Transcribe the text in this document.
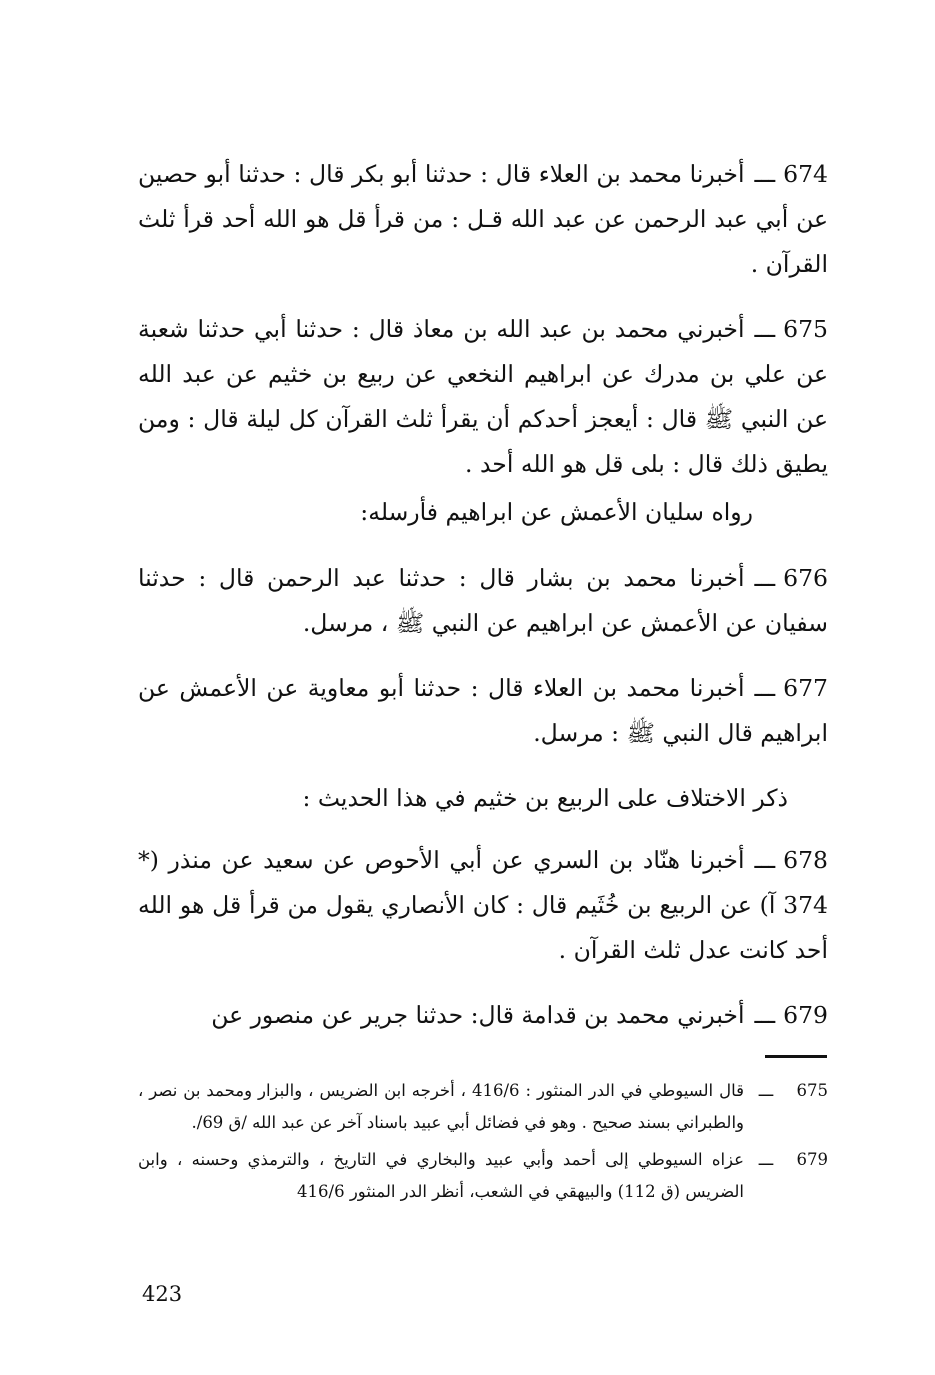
674ـــأخبرنا محمد بن العلاء قال : حدثنا أبو بكر قال : حدثنا أبو حصين عن أبي عبد الرحمن عن عبد الله قـل : من قرأ قل هو الله أحد قرأ ثلث القرآن .

675ـــأخبرني محمد بن عبد الله بن معاذ قال : حدثنا أبي حدثنا شعبة عن علي بن مدرك عن ابراهيم النخعي عن ربيع بن خثيم عن عبد الله عن النبي ﷺ قال : أيعجز أحدكم أن يقرأ ثلث القرآن كل ليلة قال : ومن يطيق ذلك قال : بلى قل هو الله أحد .

رواه سليان الأعمش عن ابراهيم فأرسله:

676ـــأخبرنا محمد بن بشار قال : حدثنا عبد الرحمن قال : حدثنا سفيان عن الأعمش عن ابراهيم عن النبي ﷺ ، مرسل.

677ـــأخبرنا محمد بن العلاء قال : حدثنا أبو معاوية عن الأعمش عن ابراهيم قال النبي ﷺ : مرسل.

ذكر الاختلاف على الربيع بن خثيم في هذا الحديث :

678ـــأخبرنا هنّاد بن السري عن أبي الأحوص عن سعيد عن منذر (* 374 آ) عن الربيع بن خُثَيم قال : كان الأنصاري يقول من قرأ قل هو الله أحد كانت عدل ثلث القرآن .

679ـــأخبرني محمد بن قدامة قال: حدثنا جرير عن منصور عن

675
ـــ
قال السيوطي في الدر المنثور : 416/6 ، أخرجه ابن الضريس ، والبزار ومحمد بن نصر ، والطبراني بسند صحيح . وهو في فضائل أبي عبيد باسناد آخر عن عبد الله /ق 69/.
679
ـــ
عزاه السيوطي إلى أحمد وأبي عبيد والبخاري في التاريخ ، والترمذي وحسنه ، وابن الضريس (ق 112) والبيهقي في الشعب، أنظر الدر المنثور 416/6
423
